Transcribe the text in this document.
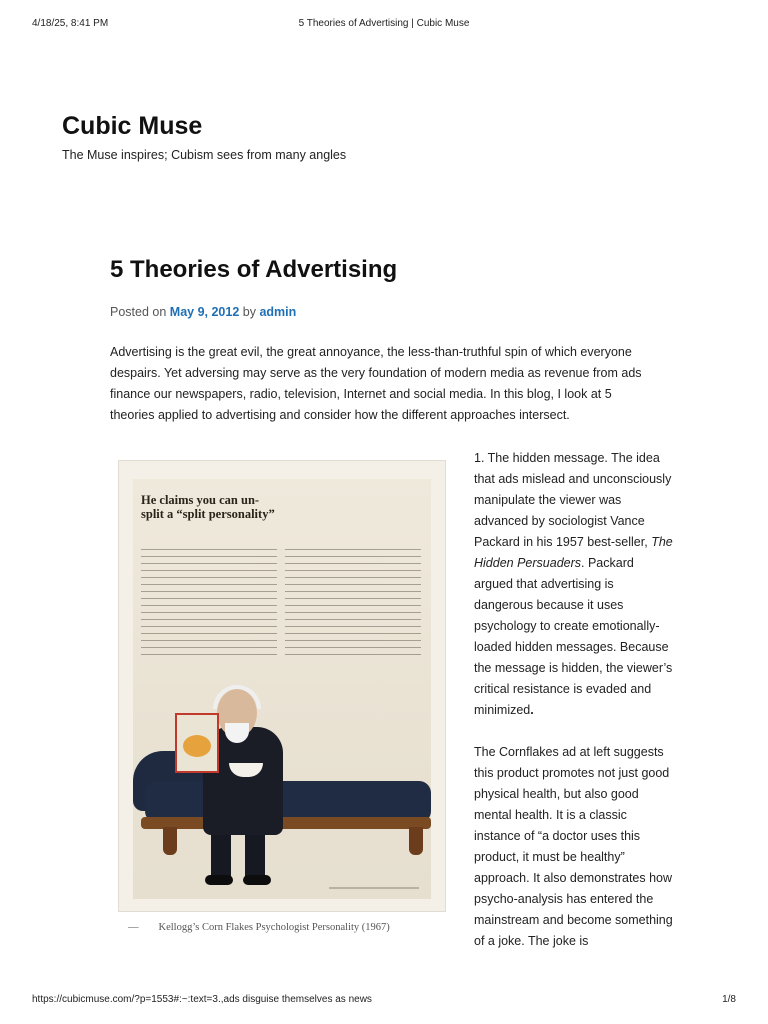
4/18/25, 8:41 PM	5 Theories of Advertising | Cubic Muse
Cubic Muse
The Muse inspires; Cubism sees from many angles
5 Theories of Advertising
Posted on May 9, 2012 by admin

Advertising is the great evil, the great annoyance, the less-than-truthful spin of which everyone despairs. Yet adversing may serve as the very foundation of modern media as revenue from ads finance our newspapers, radio, television, Internet and social media. In this blog, I look at 5 theories applied to advertising and consider how the different approaches intersect.

He claims you can un-split a “split personality”
— Kellogg’s Corn Flakes Psychologist Personality (1967)

1. The hidden message. The idea that ads mislead and unconsciously manipulate the viewer was advanced by sociologist Vance Packard in his 1957 best-seller, The Hidden Persuaders. Packard argued that advertising is dangerous because it uses psychology to create emotionally-loaded hidden messages. Because the message is hidden, the viewer’s critical resistance is evaded and minimized.

The Cornflakes ad at left suggests this product promotes not just good physical health, but also good mental health. It is a classic instance of “a doctor uses this product, it must be healthy” approach. It also demonstrates how psycho-analysis has entered the mainstream and become something of a joke. The joke is

https://cubicmuse.com/?p=1553#:~:text=3.,ads disguise themselves as news	1/8
